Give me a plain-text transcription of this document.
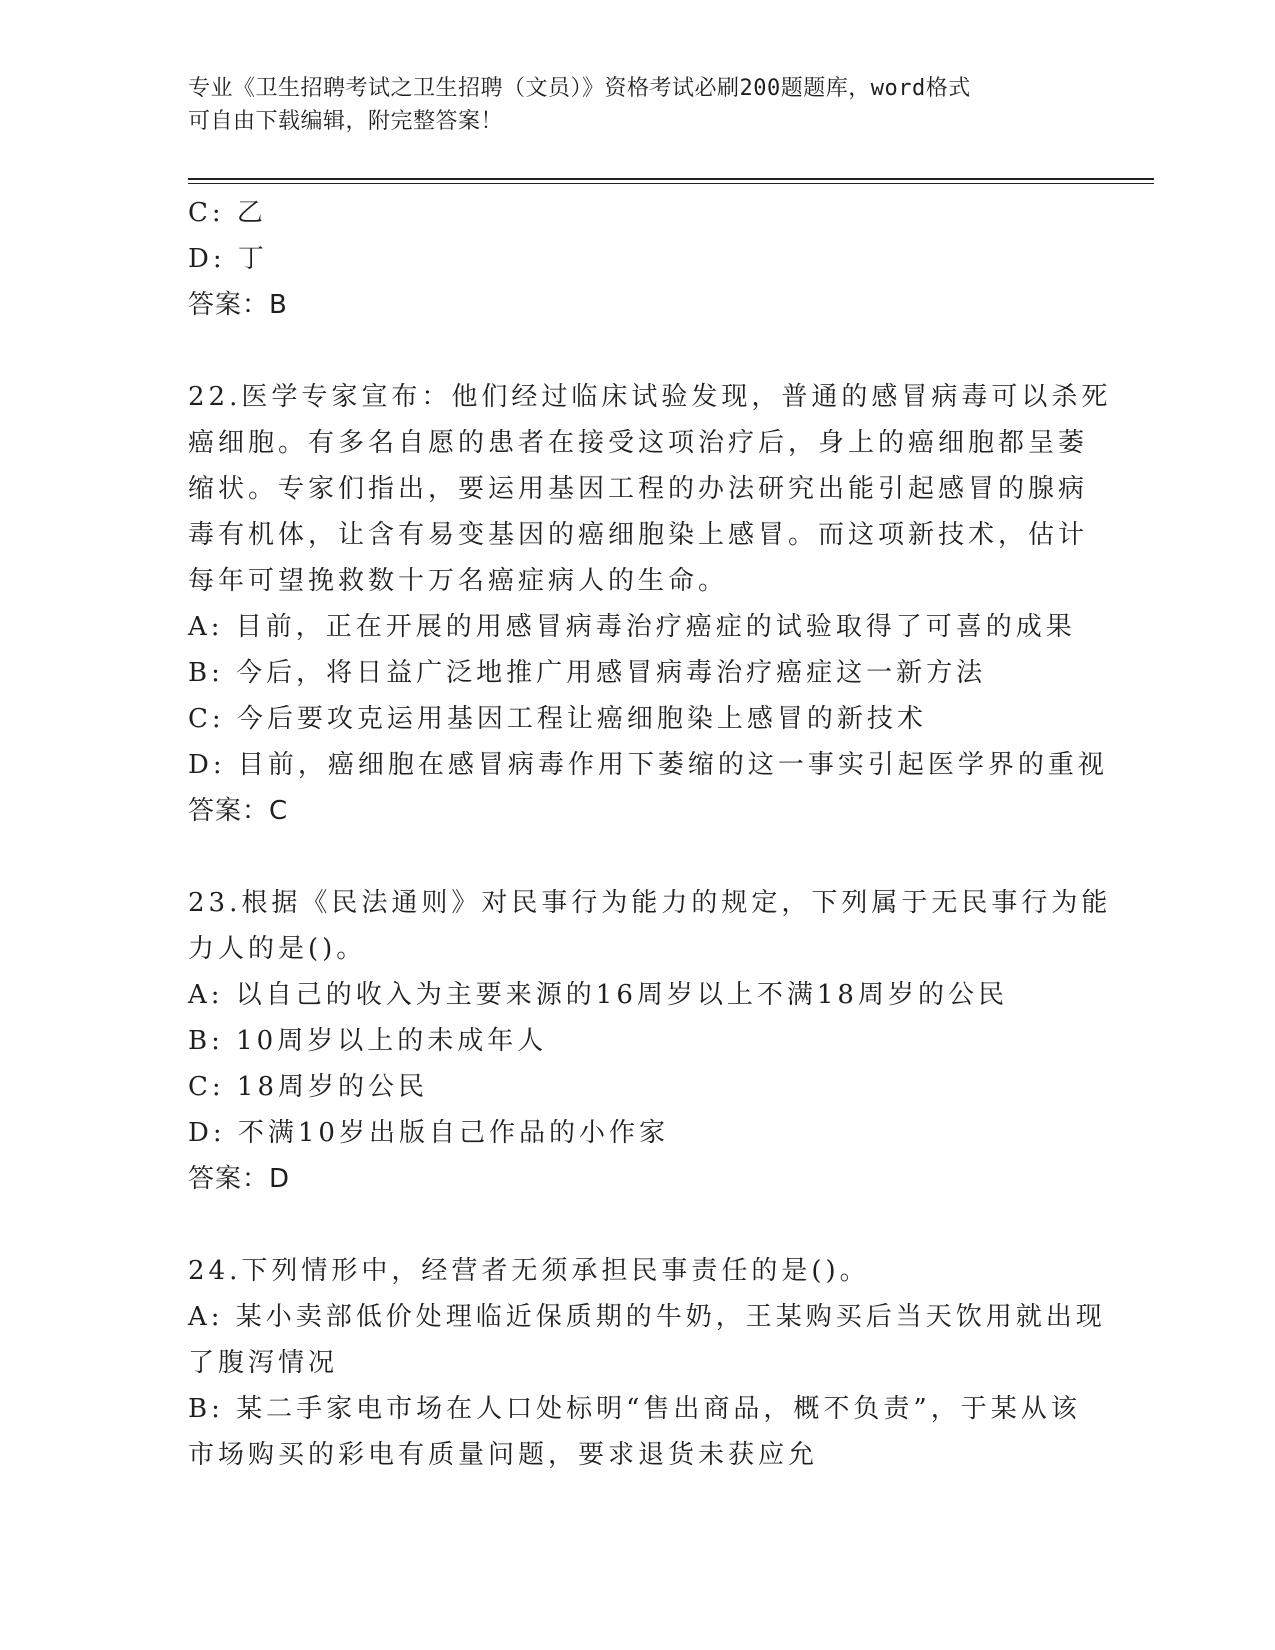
专业《卫生招聘考试之卫生招聘（文员）》资格考试必刷200题题库，word格式
可自由下载编辑，附完整答案！
C: 乙
D: 丁
答案：B
22.医学专家宣布：他们经过临床试验发现，普通的感冒病毒可以杀死
癌细胞。有多名自愿的患者在接受这项治疗后，身上的癌细胞都呈萎
缩状。专家们指出，要运用基因工程的办法研究出能引起感冒的腺病
毒有机体，让含有易变基因的癌细胞染上感冒。而这项新技术，估计
每年可望挽救数十万名癌症病人的生命。
A: 目前，正在开展的用感冒病毒治疗癌症的试验取得了可喜的成果
B: 今后，将日益广泛地推广用感冒病毒治疗癌症这一新方法
C: 今后要攻克运用基因工程让癌细胞染上感冒的新技术
D: 目前，癌细胞在感冒病毒作用下萎缩的这一事实引起医学界的重视
答案：C
23.根据《民法通则》对民事行为能力的规定，下列属于无民事行为能
力人的是()。
A: 以自己的收入为主要来源的16周岁以上不满18周岁的公民
B: 10周岁以上的未成年人
C: 18周岁的公民
D: 不满10岁出版自己作品的小作家
答案：D
24.下列情形中，经营者无须承担民事责任的是()。
A: 某小卖部低价处理临近保质期的牛奶，王某购买后当天饮用就出现
了腹泻情况
B: 某二手家电市场在人口处标明“售出商品，概不负责”，于某从该
市场购买的彩电有质量问题，要求退货未获应允
